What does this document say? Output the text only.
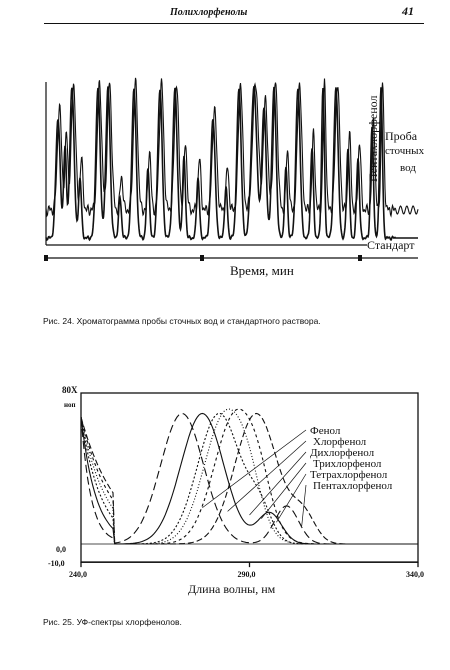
Полихлорфенолы	41
Пентахлорфенол Проба
сточных
вод
Стандарт
Время, мин
Рис. 24. Хроматограмма пробы сточных вод и стандартного раствора.
240,0	290,0	340,0
Фенол
Хлорфенол
Дихлорфенол
Трихлорфенол
Тетрахлорфенол
Пентахлорфенол
80X
ноп
0,0
-10,0
Длина волны, нм
Рис. 25. УФ-спектры хлорфенолов.
